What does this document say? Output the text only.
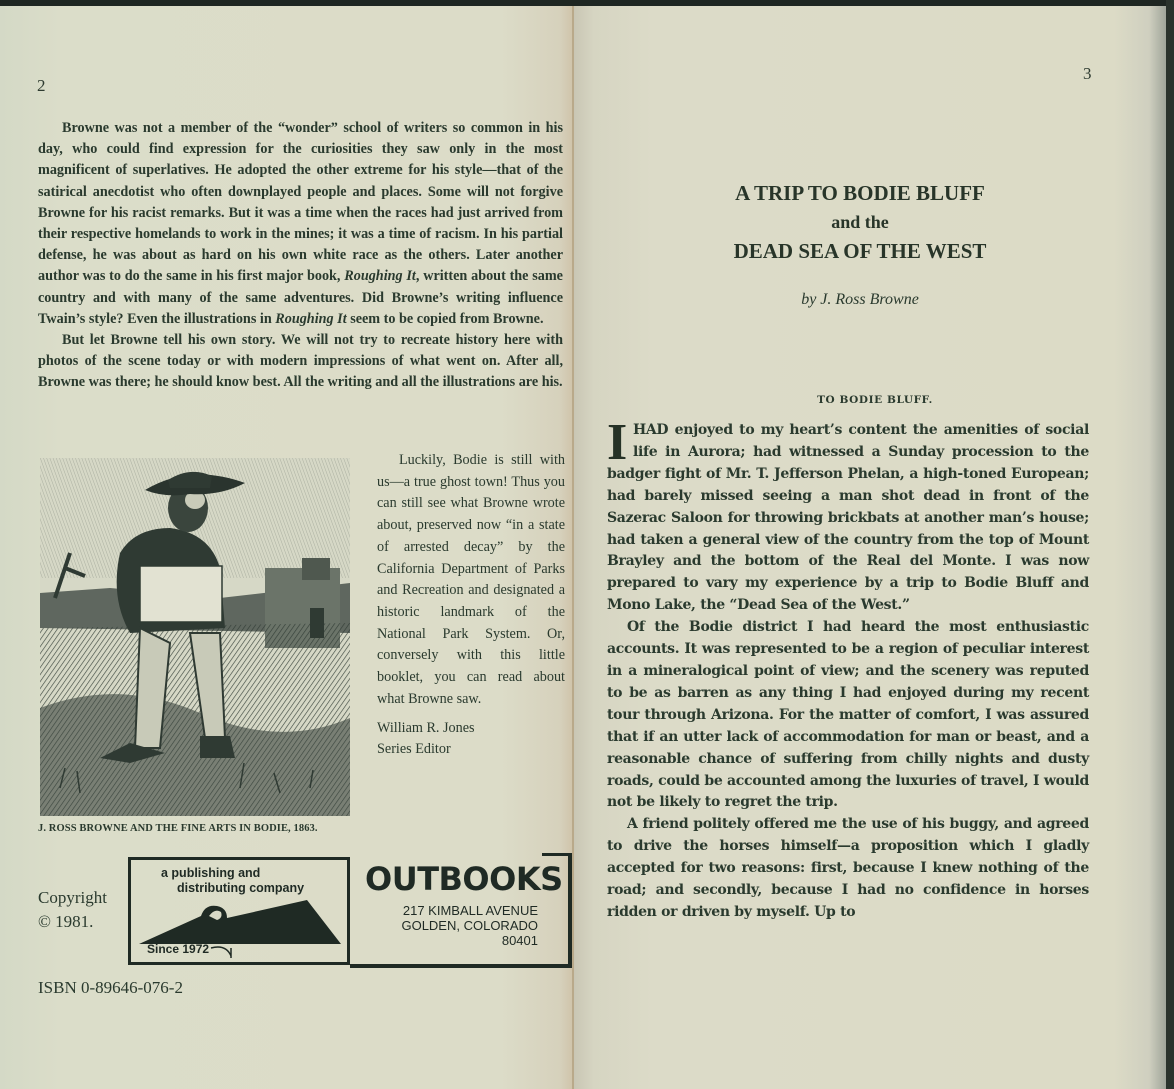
2

Browne was not a member of the “wonder” school of writers so common in his day, who could find expression for the curiosities they saw only in the most magnificent of superlatives. He adopted the other extreme for his style—that of the satirical anecdotist who often downplayed people and places. Some will not forgive Browne for his racist remarks. But it was a time when the races had just arrived from their respective homelands to work in the mines; it was a time of racism. In his partial defense, he was about as hard on his own white race as the others. Later another author was to do the same in his first major book, Roughing It, written about the same country and with many of the same adventures. Did Browne’s writing influence Twain’s style? Even the illustrations in Roughing It seem to be copied from Browne.

But let Browne tell his own story. We will not try to recreate history here with photos of the scene today or with modern impressions of what went on. After all, Browne was there; he should know best. All the writing and all the illustrations are his.

Luckily, Bodie is still with us—a true ghost town! Thus you can still see what Browne wrote about, preserved now “in a state of arrested decay” by the California Department of Parks and Recreation and designated a historic landmark of the National Park System. Or, conversely with this little booklet, you can read about what Browne saw.

William R. Jones
Series Editor
J. ROSS BROWNE AND THE FINE ARTS IN BODIE, 1863.
Copyright
© 1981.
a publishing and
distributing company
Since 1972
OUTBOOKS
217 KIMBALL AVENUE
GOLDEN, COLORADO
80401
ISBN 0-89646-076-2
3
A TRIP TO BODIE BLUFF
and the
DEAD SEA OF THE WEST
by J. Ross Browne
TO BODIE BLUFF.

IHAD enjoyed to my heart’s content the amenities of social life in Aurora; had witnessed a Sunday procession to the badger fight of Mr. T. Jefferson Phelan, a high-toned European; had barely missed seeing a man shot dead in front of the Sazerac Saloon for throwing brickbats at another man’s house; had taken a general view of the country from the top of Mount Brayley and the bottom of the Real del Monte. I was now prepared to vary my experience by a trip to Bodie Bluff and Mono Lake, the “Dead Sea of the West.”

Of the Bodie district I had heard the most enthusiastic accounts. It was represented to be a region of peculiar interest in a mineralogical point of view; and the scenery was reputed to be as barren as any thing I had enjoyed during my recent tour through Arizona. For the matter of comfort, I was assured that if an utter lack of accommodation for man or beast, and a reasonable chance of suffering from chilly nights and dusty roads, could be accounted among the luxuries of travel, I would not be likely to regret the trip.

A friend politely offered me the use of his buggy, and agreed to drive the horses himself—a proposition which I gladly accepted for two reasons: first, because I knew nothing of the road; and secondly, because I had no confidence in horses ridden or driven by myself. Up to
